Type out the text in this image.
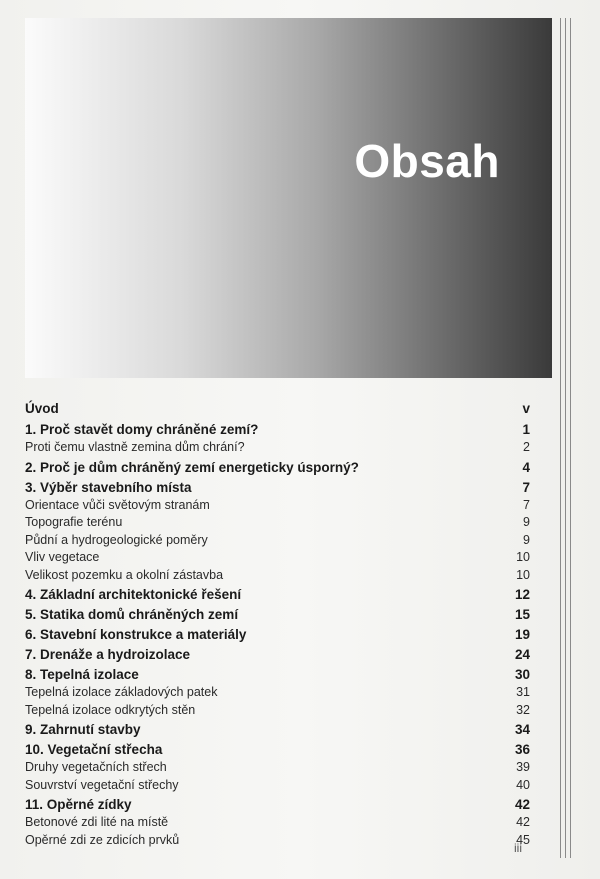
Obsah
Úvod	v
1. Proč stavět domy chráněné zemí?	1
Proti čemu vlastně zemina dům chrání?	2
2. Proč je dům chráněný zemí energeticky úsporný?	4
3. Výběr stavebního místa	7
Orientace vůči světovým stranám	7
Topografie terénu	9
Půdní a hydrogeologické poměry	9
Vliv vegetace	10
Velikost pozemku a okolní zástavba	10
4. Základní architektonické řešení	12
5. Statika domů chráněných zemí	15
6. Stavební konstrukce a materiály	19
7. Drenáže a hydroizolace	24
8. Tepelná izolace	30
Tepelná izolace základových patek	31
Tepelná izolace odkrytých stěn	32
9. Zahrnutí stavby	34
10. Vegetační střecha	36
Druhy vegetačních střech	39
Souvrství vegetační střechy	40
11. Opěrné zídky	42
Betonové zdi lité na místě	42
Opěrné zdi ze zdicích prvků	45
iii
